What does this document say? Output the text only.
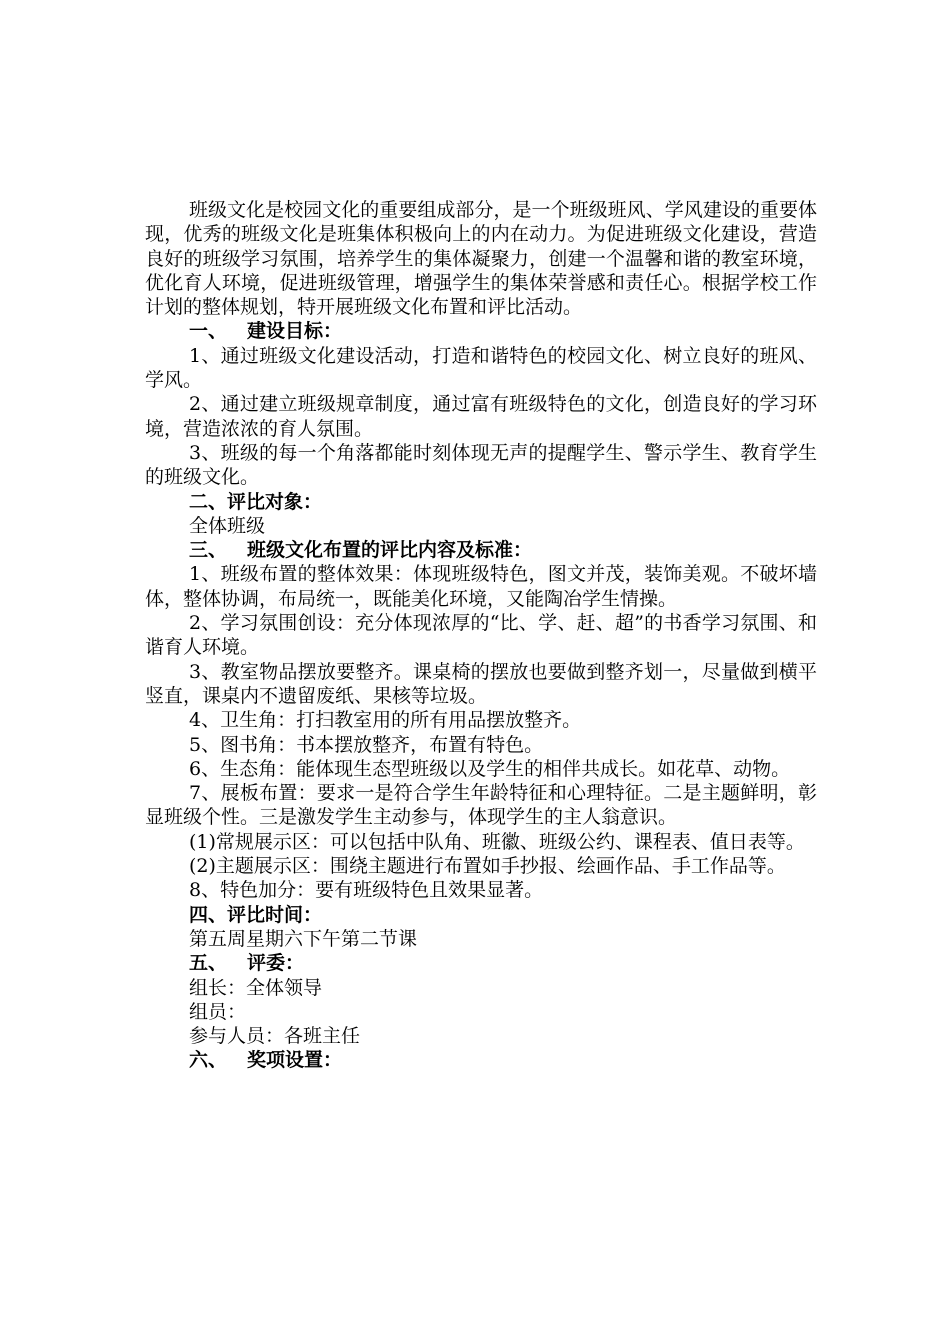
班级文化是校园文化的重要组成部分，是一个班级班风、学风建设的重要体现，优秀的班级文化是班集体积极向上的内在动力。为促进班级文化建设，营造良好的班级学习氛围，培养学生的集体凝聚力，创建一个温馨和谐的教室环境，优化育人环境，促进班级管理，增强学生的集体荣誉感和责任心。根据学校工作计划的整体规划，特开展班级文化布置和评比活动。

一、 建设目标：

1、通过班级文化建设活动，打造和谐特色的校园文化、树立良好的班风、学风。

2、通过建立班级规章制度，通过富有班级特色的文化，创造良好的学习环境，营造浓浓的育人氛围。

3、班级的每一个角落都能时刻体现无声的提醒学生、警示学生、教育学生的班级文化。

二、评比对象：

全体班级

三、 班级文化布置的评比内容及标准：

1、班级布置的整体效果：体现班级特色，图文并茂，装饰美观。不破坏墙体，整体协调，布局统一，既能美化环境，又能陶冶学生情操。

2、学习氛围创设：充分体现浓厚的“比、学、赶、超”的书香学习氛围、和谐育人环境。

3、教室物品摆放要整齐。课桌椅的摆放也要做到整齐划一，尽量做到横平竖直，课桌内不遗留废纸、果核等垃圾。

4、卫生角：打扫教室用的所有用品摆放整齐。

5、图书角：书本摆放整齐，布置有特色。

6、生态角：能体现生态型班级以及学生的相伴共成长。如花草、动物。

7、展板布置：要求一是符合学生年龄特征和心理特征。二是主题鲜明，彰显班级个性。三是激发学生主动参与，体现学生的主人翁意识。

(1)常规展示区：可以包括中队角、班徽、班级公约、课程表、值日表等。

(2)主题展示区：围绕主题进行布置如手抄报、绘画作品、手工作品等。

8、特色加分：要有班级特色且效果显著。

四、评比时间：

第五周星期六下午第二节课

五、 评委：

组长：全体领导

组员：

参与人员：各班主任

六、 奖项设置：
